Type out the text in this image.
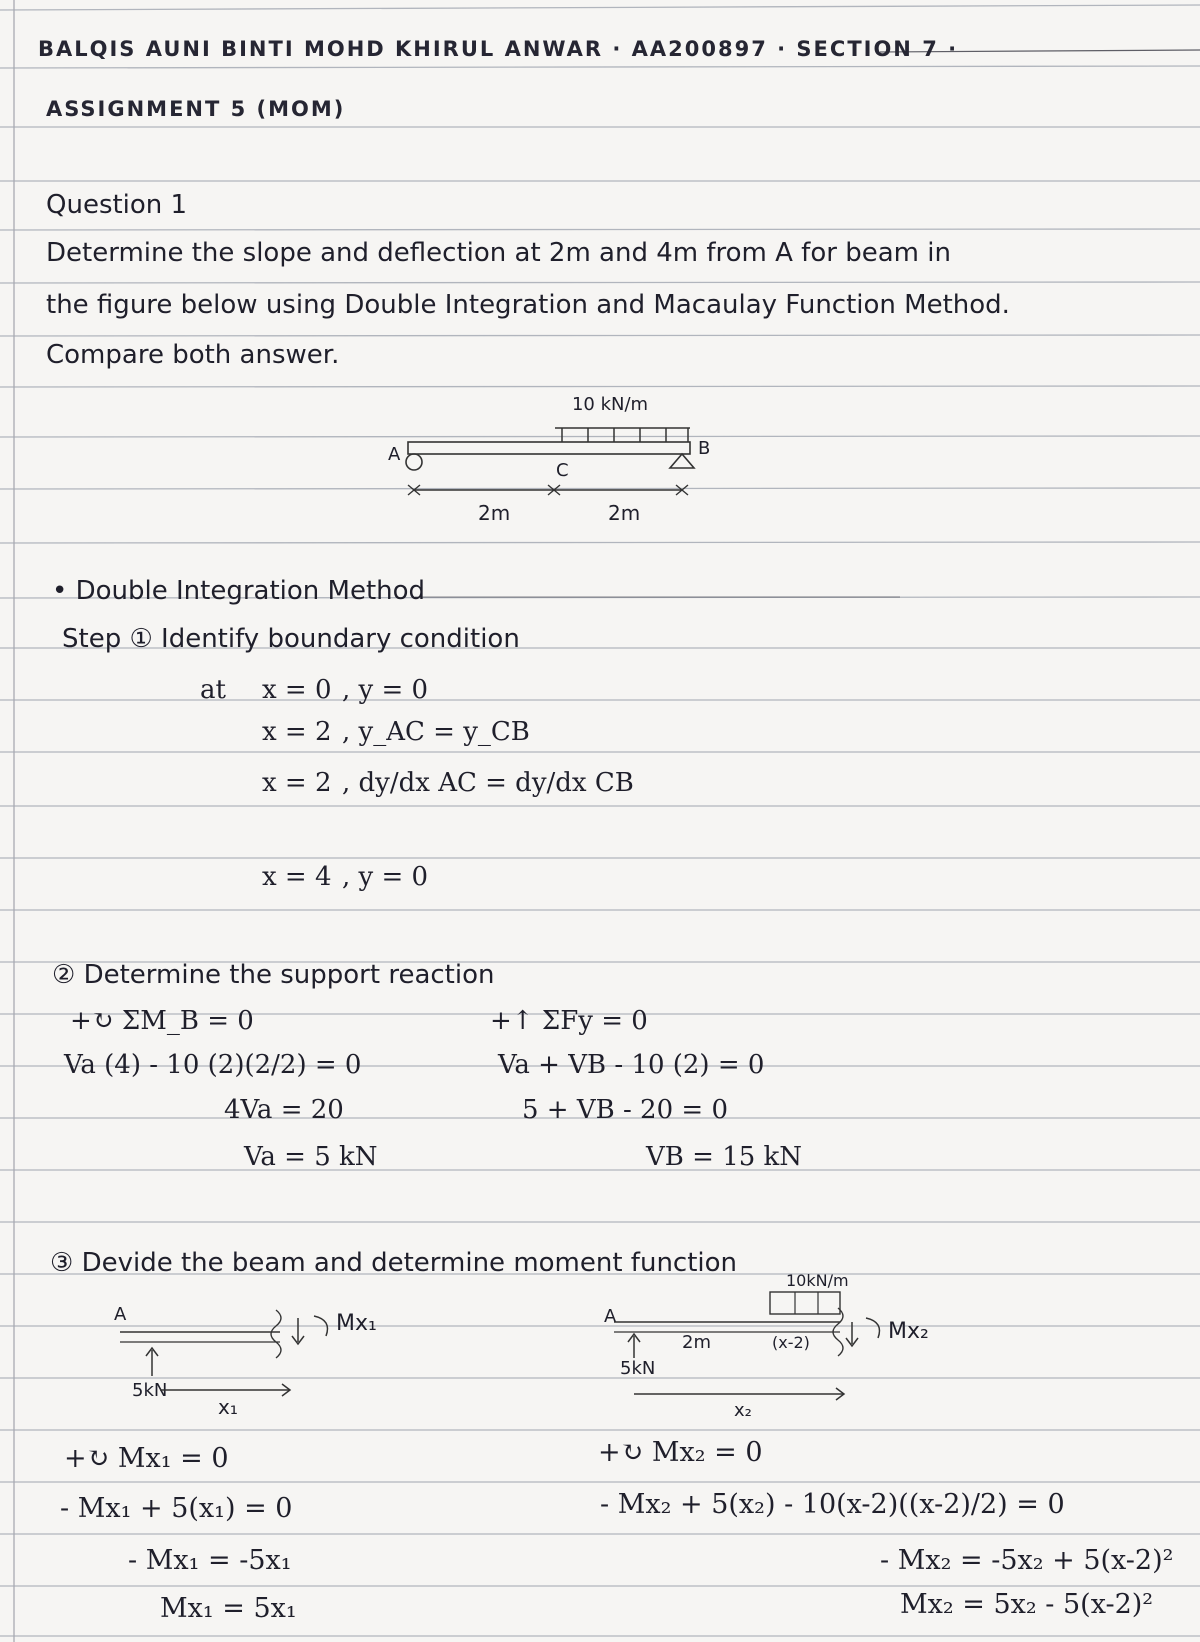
BALQIS AUNI BINTI MOHD KHIRUL ANWAR · AA200897 · SECTION 7 ·
ASSIGNMENT 5 (MOM)
Question 1
Determine the slope and deflection at 2m and 4m from A for beam in
the figure below using Double Integration and Macaulay Function Method.
Compare both answer.
10 kN/m
A	B
C
2m	2m
• Double Integration Method
Step ① Identify boundary condition
at x = 0 , y = 0
x = 2 , y_AC = y_CB
x = 2 , dy/dx AC = dy/dx CB
x = 4 , y = 0
② Determine the support reaction
+↻ ΣM_B = 0
Va (4) - 10 (2)(2/2) = 0
4Va = 20
Va = 5 kN
+↑ ΣFy = 0
Va + VB - 10 (2) = 0
5 + VB - 20 = 0
VB = 15 kN
③ Devide the beam and determine moment function
A
5kN
Mx₁
x₁
10kN/m
A
5kN
2m	(x-2)	Mx₂
x₂
+↻ Mx₁ = 0
- Mx₁ + 5(x₁) = 0
- Mx₁ = -5x₁
Mx₁ = 5x₁
+↻ Mx₂ = 0
- Mx₂ + 5(x₂) - 10(x-2)((x-2)/2) = 0
- Mx₂ = -5x₂ + 5(x-2)²
Mx₂ = 5x₂ - 5(x-2)²
